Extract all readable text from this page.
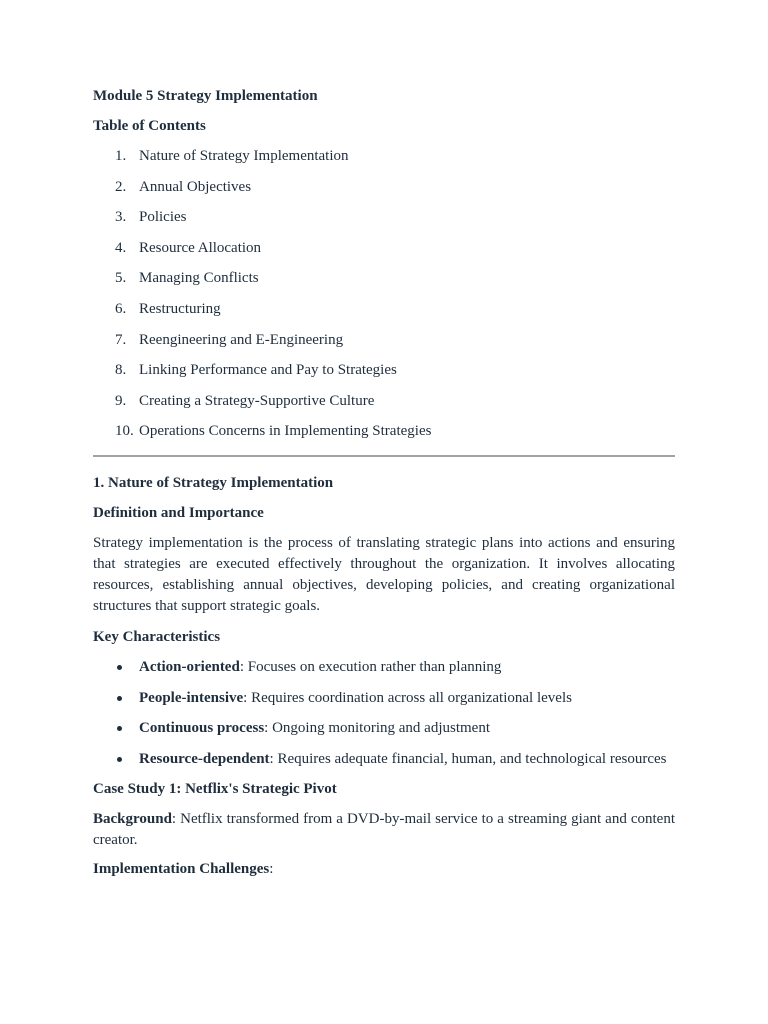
Module 5 Strategy Implementation

Table of Contents

1. Nature of Strategy Implementation
2. Annual Objectives
3. Policies
4. Resource Allocation
5. Managing Conflicts
6. Restructuring
7. Reengineering and E-Engineering
8. Linking Performance and Pay to Strategies
9. Creating a Strategy-Supportive Culture
10. Operations Concerns in Implementing Strategies

1. Nature of Strategy Implementation

Definition and Importance

Strategy implementation is the process of translating strategic plans into actions and ensuring that strategies are executed effectively throughout the organization. It involves allocating resources, establishing annual objectives, developing policies, and creating organizational structures that support strategic goals.

Key Characteristics

Action-oriented: Focuses on execution rather than planning
People-intensive: Requires coordination across all organizational levels
Continuous process: Ongoing monitoring and adjustment
Resource-dependent: Requires adequate financial, human, and technological resources

Case Study 1: Netflix's Strategic Pivot

Background: Netflix transformed from a DVD-by-mail service to a streaming giant and content creator.

Implementation Challenges:
